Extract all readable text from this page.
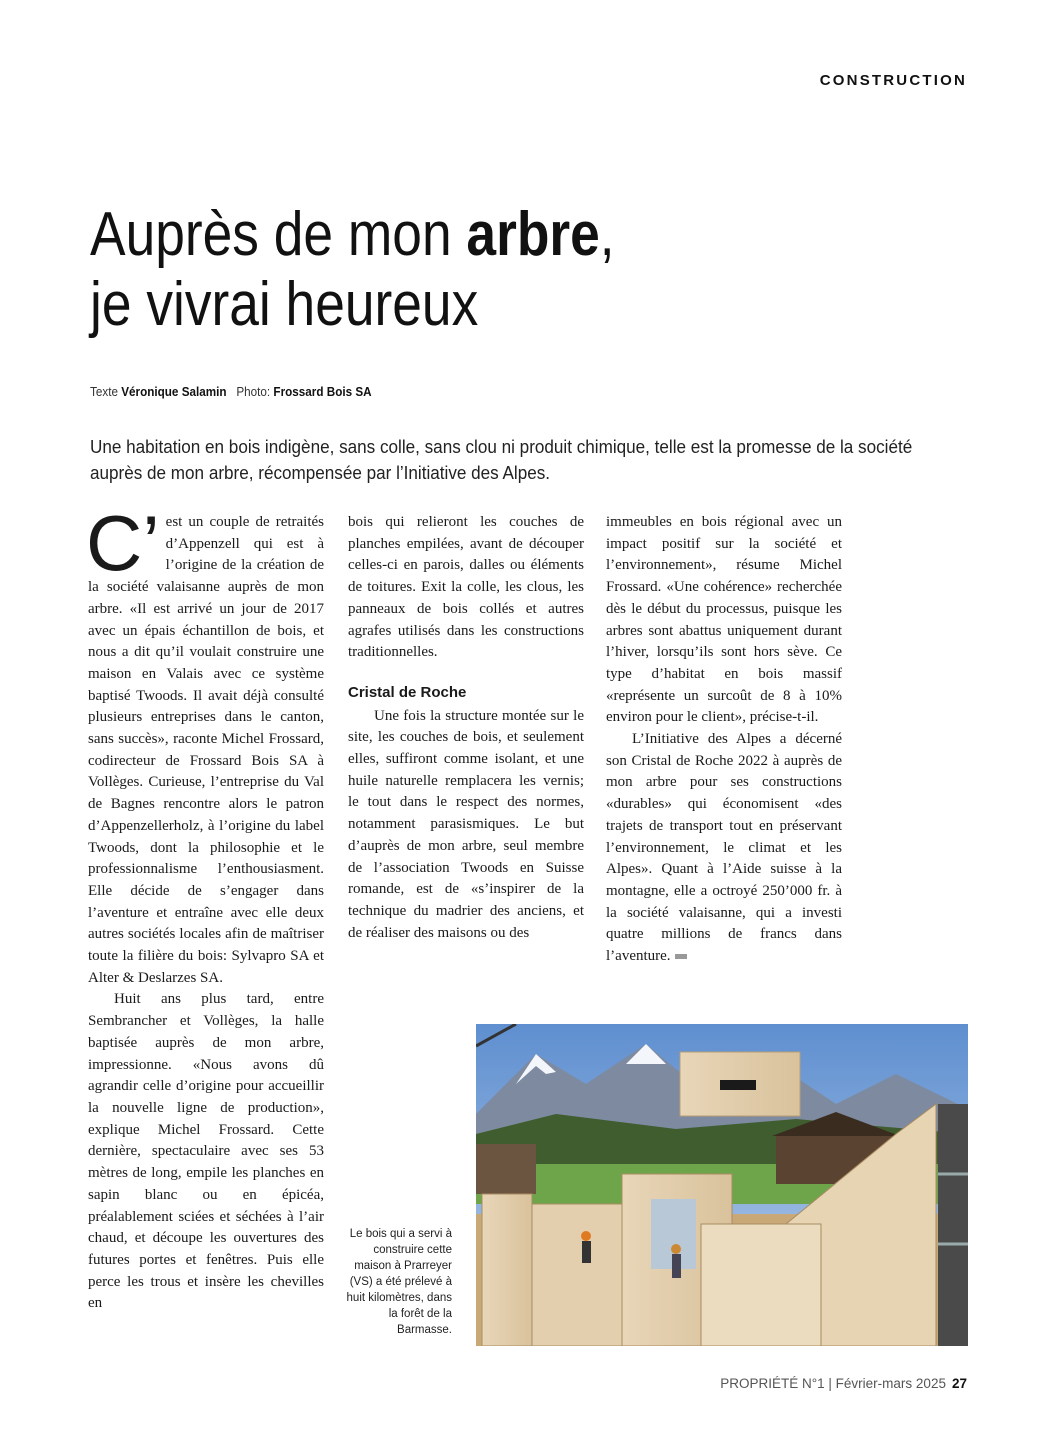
CONSTRUCTION
Auprès de mon arbre,
je vivrai heureux
Texte Véronique Salamin Photo: Frossard Bois SA
Une habitation en bois indigène, sans colle, sans clou ni produit chimique, telle est la promesse de la société auprès de mon arbre, récompensée par l’Initiative des Alpes.

C’ est un couple de retraités d’Appenzell qui est à l’origine de la création de la société valaisanne auprès de mon arbre. «Il est arrivé un jour de 2017 avec un épais échantillon de bois, et nous a dit qu’il voulait construire une maison en Valais avec ce système baptisé Twoods. Il avait déjà consulté plusieurs entreprises dans le canton, sans succès», raconte Michel Frossard, codirecteur de Frossard Bois SA à Vollèges. Curieuse, l’entreprise du Val de Bagnes rencontre alors le patron d’Appenzellerholz, à l’origine du label Twoods, dont la philosophie et le professionnalisme l’enthousiasment. Elle décide de s’engager dans l’aventure et entraîne avec elle deux autres sociétés locales afin de maîtriser toute la filière du bois: Sylvapro SA et Alter & Deslarzes SA.

Huit ans plus tard, entre Sembrancher et Vollèges, la halle baptisée auprès de mon arbre, impressionne. «Nous avons dû agrandir celle d’origine pour accueillir la nouvelle ligne de production», explique Michel Frossard. Cette dernière, spectaculaire avec ses 53 mètres de long, empile les planches en sapin blanc ou en épicéa, préalablement sciées et séchées à l’air chaud, et découpe les ouvertures des futures portes et fenêtres. Puis elle perce les trous et insère les chevilles en

bois qui relieront les couches de planches empilées, avant de découper celles-ci en parois, dalles ou éléments de toitures. Exit la colle, les clous, les panneaux de bois collés et autres agrafes utilisés dans les constructions traditionnelles.

Cristal de Roche

Une fois la structure montée sur le site, les couches de bois, et seulement elles, suffiront comme isolant, et une huile naturelle remplacera les vernis; le tout dans le respect des normes, notamment parasismiques. Le but d’auprès de mon arbre, seul membre de l’association Twoods en Suisse romande, est de «s’inspirer de la technique du madrier des anciens, et de réaliser des maisons ou des

immeubles en bois régional avec un impact positif sur la société et l’environnement», résume Michel Frossard. «Une cohérence» recherchée dès le début du processus, puisque les arbres sont abattus uniquement durant l’hiver, lorsqu’ils sont hors sève. Ce type d’habitat en bois massif «représente un surcoût de 8 à 10% environ pour le client», précise-t-il.

L’Initiative des Alpes a décerné son Cristal de Roche 2022 à auprès de mon arbre pour ses constructions «durables» qui économisent «des trajets de transport tout en préservant l’environnement, le climat et les Alpes». Quant à l’Aide suisse à la montagne, elle a octroyé 250’000 fr. à la société valaisanne, qui a investi quatre millions de francs dans l’aventure.

Le bois qui a servi à construire cette maison à Prarreyer (VS) a été prélevé à huit kilomètres, dans la forêt de la Barmasse.
PROPRIÉTÉ N°1 | Février-mars 2025 27
